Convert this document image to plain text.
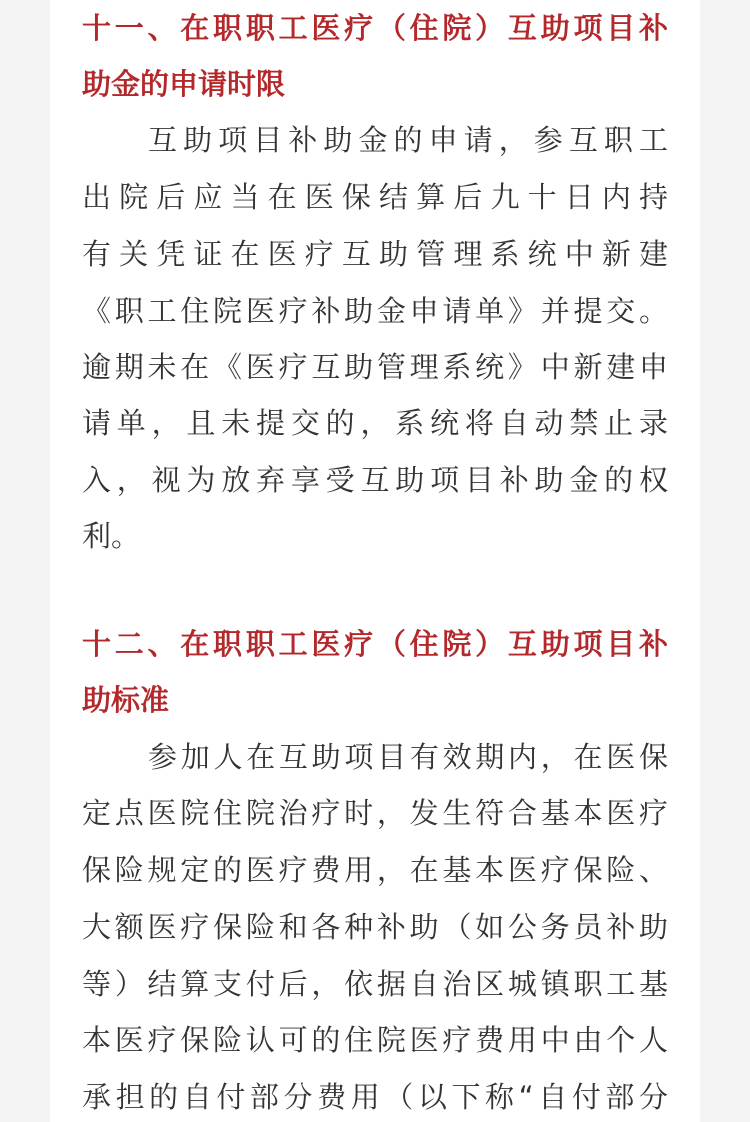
十一、在职职工医疗（住院）互助项目补
助金的申请时限
互助项目补助金的申请，参互职工
出院后应当在医保结算后九十日内持
有关凭证在医疗互助管理系统中新建
《职工住院医疗补助金申请单》并提交。
逾期未在《医疗互助管理系统》中新建申
请单，且未提交的，系统将自动禁止录
入，视为放弃享受互助项目补助金的权
利。
十二、在职职工医疗（住院）互助项目补
助标准
参加人在互助项目有效期内，在医保
定点医院住院治疗时，发生符合基本医疗
保险规定的医疗费用，在基本医疗保险、
大额医疗保险和各种补助（如公务员补助
等）结算支付后，依据自治区城镇职工基
本医疗保险认可的住院医疗费用中由个人
承担的自付部分费用（以下称“自付部分
